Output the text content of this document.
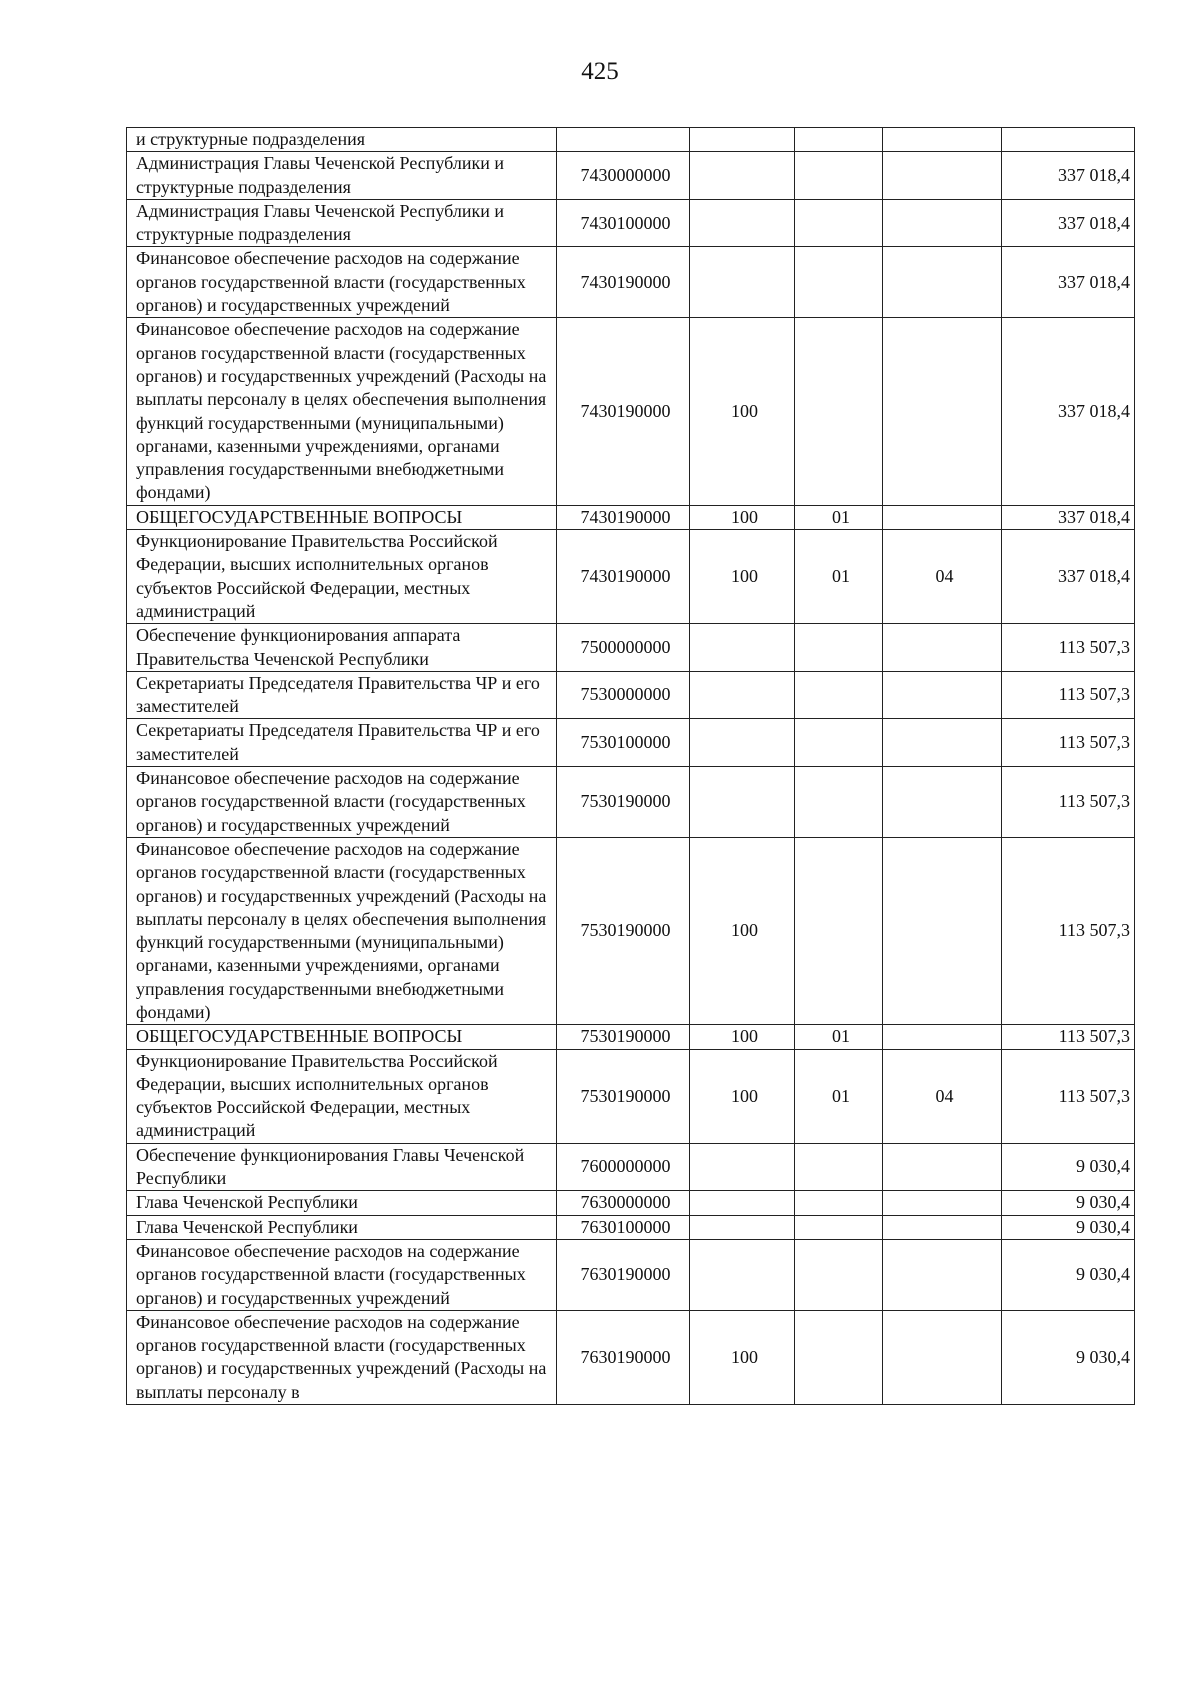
425
и структурные подразделения					
Администрация Главы Чеченской Республики и структурные подразделения	7430000000				337 018,4
Администрация Главы Чеченской Республики и структурные подразделения	7430100000				337 018,4
Финансовое обеспечение расходов на содержание органов государственной власти (государственных органов) и государственных учреждений	7430190000				337 018,4
Финансовое обеспечение расходов на содержание органов государственной власти (государственных органов) и государственных учреждений (Расходы на выплаты персоналу в целях обеспечения выполнения функций государственными (муниципальными) органами, казенными учреждениями, органами управления государственными внебюджетными фондами)	7430190000	100			337 018,4
ОБЩЕГОСУДАРСТВЕННЫЕ ВОПРОСЫ	7430190000	100	01		337 018,4
Функционирование Правительства Российской Федерации, высших исполнительных органов субъектов Российской Федерации, местных администраций	7430190000	100	01	04	337 018,4
Обеспечение функционирования аппарата Правительства Чеченской Республики	7500000000				113 507,3
Секретариаты Председателя Правительства ЧР и его заместителей	7530000000				113 507,3
Секретариаты Председателя Правительства ЧР и его заместителей	7530100000				113 507,3
Финансовое обеспечение расходов на содержание органов государственной власти (государственных органов) и государственных учреждений	7530190000				113 507,3
Финансовое обеспечение расходов на содержание органов государственной власти (государственных органов) и государственных учреждений (Расходы на выплаты персоналу в целях обеспечения выполнения функций государственными (муниципальными) органами, казенными учреждениями, органами управления государственными внебюджетными фондами)	7530190000	100			113 507,3
ОБЩЕГОСУДАРСТВЕННЫЕ ВОПРОСЫ	7530190000	100	01		113 507,3
Функционирование Правительства Российской Федерации, высших исполнительных органов субъектов Российской Федерации, местных администраций	7530190000	100	01	04	113 507,3
Обеспечение функционирования Главы Чеченской Республики	7600000000				9 030,4
Глава Чеченской Республики	7630000000				9 030,4
Глава Чеченской Республики	7630100000				9 030,4
Финансовое обеспечение расходов на содержание органов государственной власти (государственных органов) и государственных учреждений	7630190000				9 030,4
Финансовое обеспечение расходов на содержание органов государственной власти (государственных органов) и государственных учреждений (Расходы на выплаты персоналу в	7630190000	100			9 030,4
